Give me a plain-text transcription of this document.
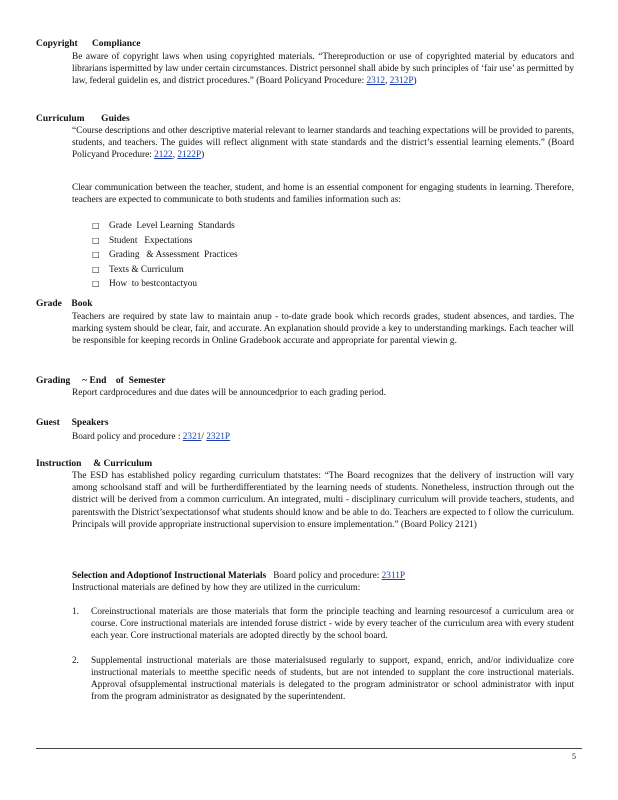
Copyright      Compliance
Be aware of copyright laws when using copyrighted materials. “Thereproduction or use of copyrighted material by educators and librarians ispermitted by law under certain circumstances. District personnel shall abide by such principles of ‘fair use’ as permitted by law, federal guidelin es, and district procedures.” (Board Policyand Procedure: 2312, 2312P)
Curriculum       Guides
“Course descriptions and other descriptive material relevant to learner standards and teaching expectations will be provided to parents, students, and teachers. The guides will reflect alignment with state standards and the district’s essential learning elements.” (Board Policyand Procedure: 2122, 2122P)
Clear communication between the teacher, student, and home is an essential component for engaging students in learning. Therefore, teachers are expected to communicate to both students and families information such as:
□ Grade  Level Learning  Standards
□ Student   Expectations
□ Grading   & Assessment  Practices
□ Texts & Curriculum
□ How  to bestcontactyou
Grade    Book
Teachers are required by state law to maintain anup - to-date grade book which records grades, student absences, and tardies. The marking system should be clear, fair, and accurate. An explanation should provide a key to understanding markings. Each teacher will be responsible for keeping records in Online Gradebook accurate and appropriate for parental viewin g.
Grading     ~ End    of  Semester
Report cardprocedures and due dates will be announcedprior to each grading period.
Guest     Speakers
Board policy and procedure : 2321/ 2321P
Instruction     & Curriculum
The ESD has established policy regarding curriculum thatstates: “The Board recognizes that the delivery of instruction will vary among schoolsand staff and will be furtherdifferentiated by the learning needs of students. Nonetheless, instruction through out the district will be derived from a common curriculum. An integrated, multi - disciplinary curriculum will provide teachers, students, and parentswith the District’sexpectationsof what students should know and be able to do. Teachers are expected to f ollow the curriculum. Principals will provide appropriate instructional supervision to ensure implementation.” (Board Policy 2121)
Selection and Adoptionof Instructional Materials Board policy and procedure: 2311P
Instructional materials are defined by how they are utilized in the curriculum:
1. Coreinstructional materials are those materials that form the principle teaching and learning resourcesof a curriculum area or course. Core instructional materials are intended foruse district - wide by every teacher of the curriculum area with every student each year. Core instructional materials are adopted directly by the school board.
2. Supplemental instructional materials are those materialsused regularly to support, expand, enrich, and/or individualize core instructional materials to meetthe specific needs of students, but are not intended to supplant the core instructional materials. Approval ofsupplemental instructional materials is delegated to the program administrator or school administrator with input from the program administrator as designated by the superintendent.
5
